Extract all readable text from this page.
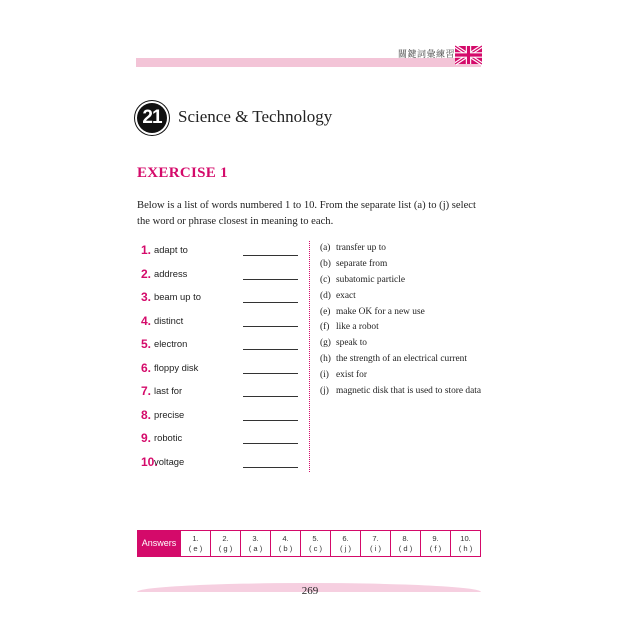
關鍵詞彙練習
21 Science & Technology
EXERCISE 1
Below is a list of words numbered 1 to 10. From the separate list (a) to (j) select the word or phrase closest in meaning to each.
1. adapt to
2. address
3. beam up to
4. distinct
5. electron
6. floppy disk
7. last for
8. precise
9. robotic
10.
voltage
(a) transfer up to
(b) separate from
(c) subatomic particle
(d) exact
(e) make OK for a new use
(f) like a robot
(g) speak to
(h) the strength of an electrical current
(i) exist for
(j) magnetic disk that is used to store data
Answers	1.
( e )
2.
( g )
3.
( a )
4.
( b )
5.
( c )
6.
( j )
7.
( i )
8.
( d )
9.
( f )
10.
( h )
269
